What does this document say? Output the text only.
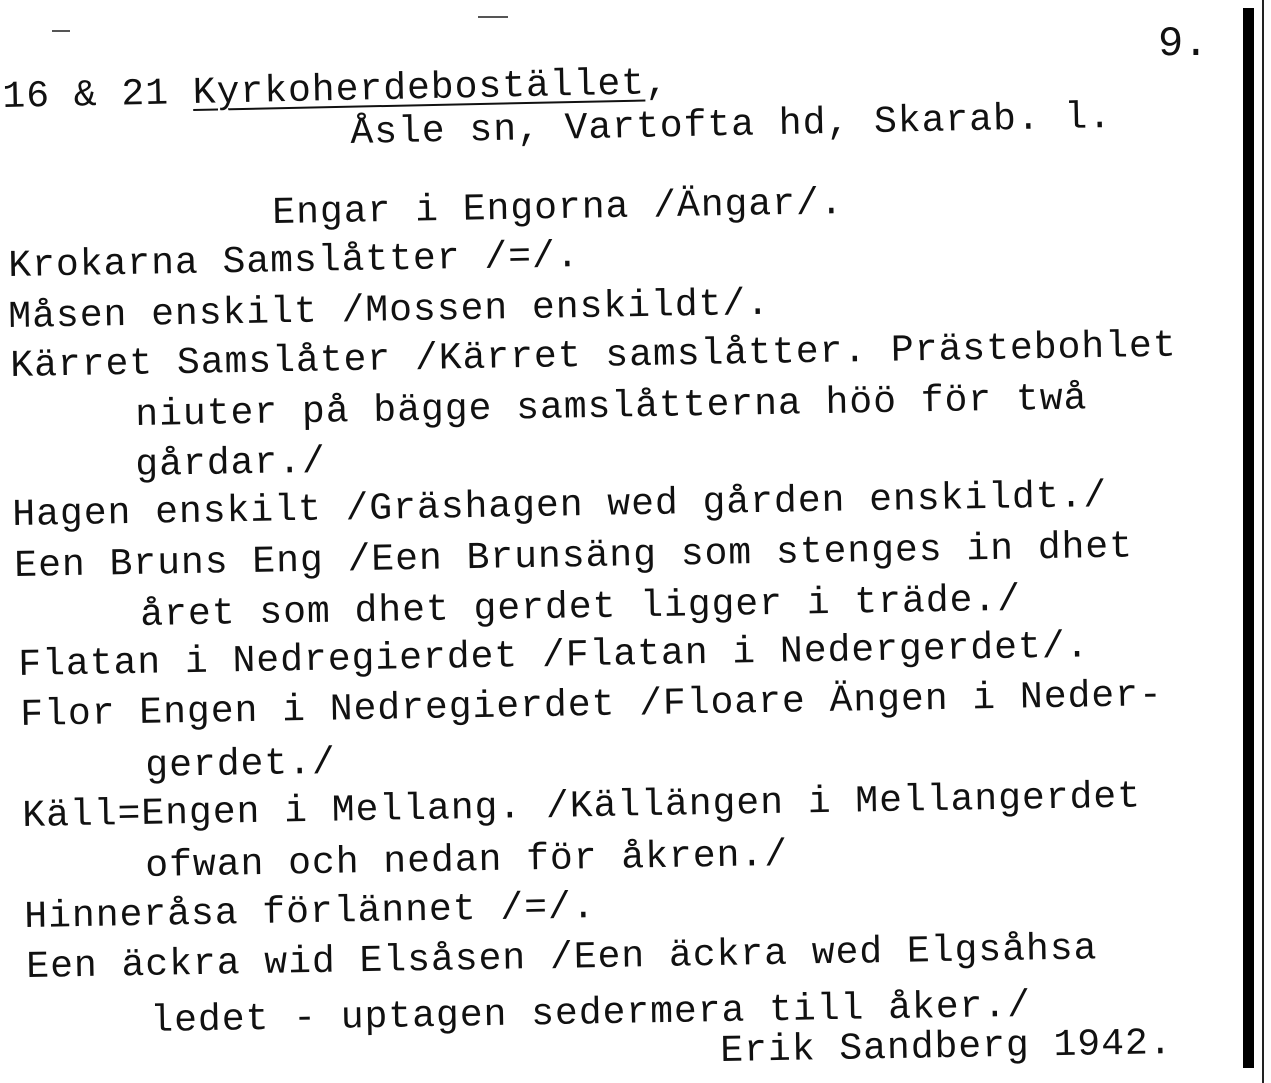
9.
16 & 21 Kyrkoherdebostället,
Åsle sn, Vartofta hd, Skarab. l.
Engar i Engorna /Ängar/.
Krokarna Samslåtter /=/.
Måsen enskilt /Mossen enskildt/.
Kärret Samslåter /Kärret samslåtter. Prästebohlet
niuter på bägge samslåtterna höö för twå
gårdar./
Hagen enskilt /Gräshagen wed gården enskildt./
Een Bruns Eng /Een Brunsäng som stenges in dhet
året som dhet gerdet ligger i träde./
Flatan i Nedregierdet /Flatan i Nedergerdet/.
Flor Engen i Nedregierdet /Floare Ängen i Neder-
gerdet./
Käll=Engen i Mellang. /Källängen i Mellangerdet
ofwan och nedan för åkren./
Hinneråsa förlännet /=/.
Een äckra wid Elsåsen /Een äckra wed Elgsåhsa
ledet - uptagen sedermera till åker./
Erik Sandberg 1942.
